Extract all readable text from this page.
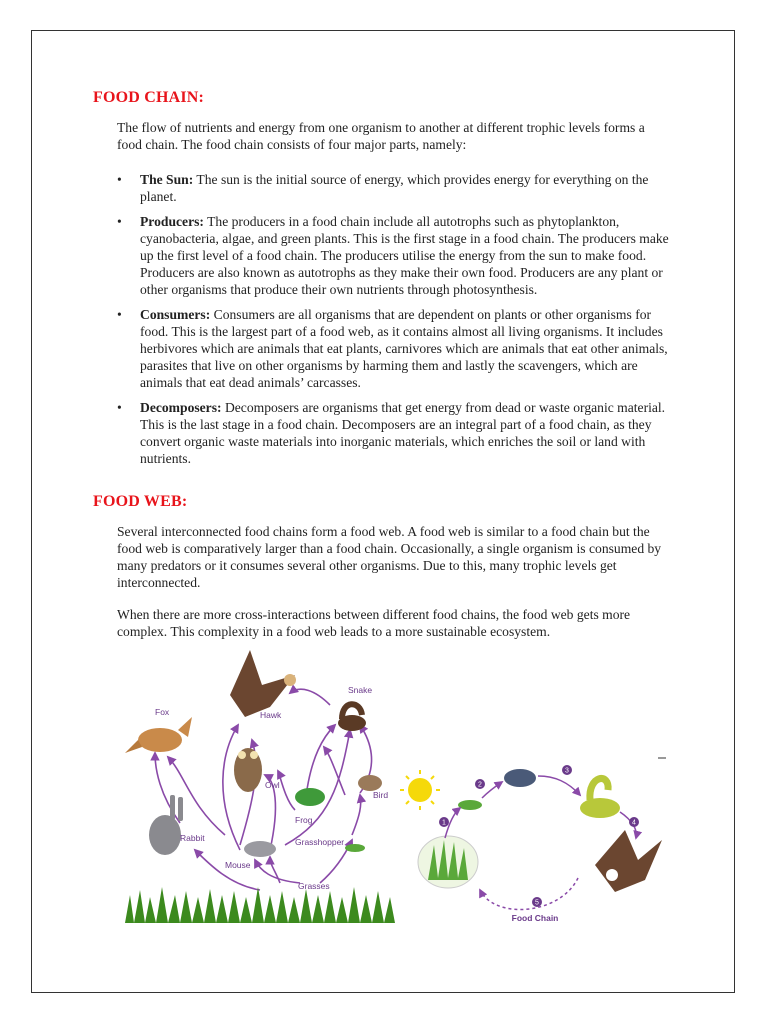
FOOD CHAIN:

The flow of nutrients and energy from one organism to another at different trophic levels forms a food chain. The food chain consists of four major parts, namely:

• The Sun: The sun is the initial source of energy, which provides energy for everything on the planet.
• Producers: The producers in a food chain include all autotrophs such as phytoplankton, cyanobacteria, algae, and green plants. This is the first stage in a food chain. The producers make up the first level of a food chain. The producers utilise the energy from the sun to make food. Producers are also known as autotrophs as they make their own food. Producers are any plant or other organisms that produce their own nutrients through photosynthesis.
• Consumers: Consumers are all organisms that are dependent on plants or other organisms for food. This is the largest part of a food web, as it contains almost all living organisms. It includes herbivores which are animals that eat plants, carnivores which are animals that eat other animals, parasites that live on other organisms by harming them and lastly the scavengers, which are animals that eat dead animals’ carcasses.
• Decomposers: Decomposers are organisms that get energy from dead or waste organic material. This is the last stage in a food chain. Decomposers are an integral part of a food chain, as they convert organic waste materials into inorganic materials, which enriches the soil or land with nutrients.
FOOD WEB:

Several interconnected food chains form a food web. A food web is similar to a food chain but the food web is comparatively larger than a food chain. Occasionally, a single organism is consumed by many predators or it consumes several other organisms. Due to this, many trophic levels get interconnected.

When there are more cross-interactions between different food chains, the food web gets more complex. This complexity in a food web leads to a more sustainable ecosystem.

Hawk
Snake
Fox
Owl
Bird
Frog
Rabbit
Mouse
Grasshopper
Grasses
1
2
3
4
5
Food Chain
